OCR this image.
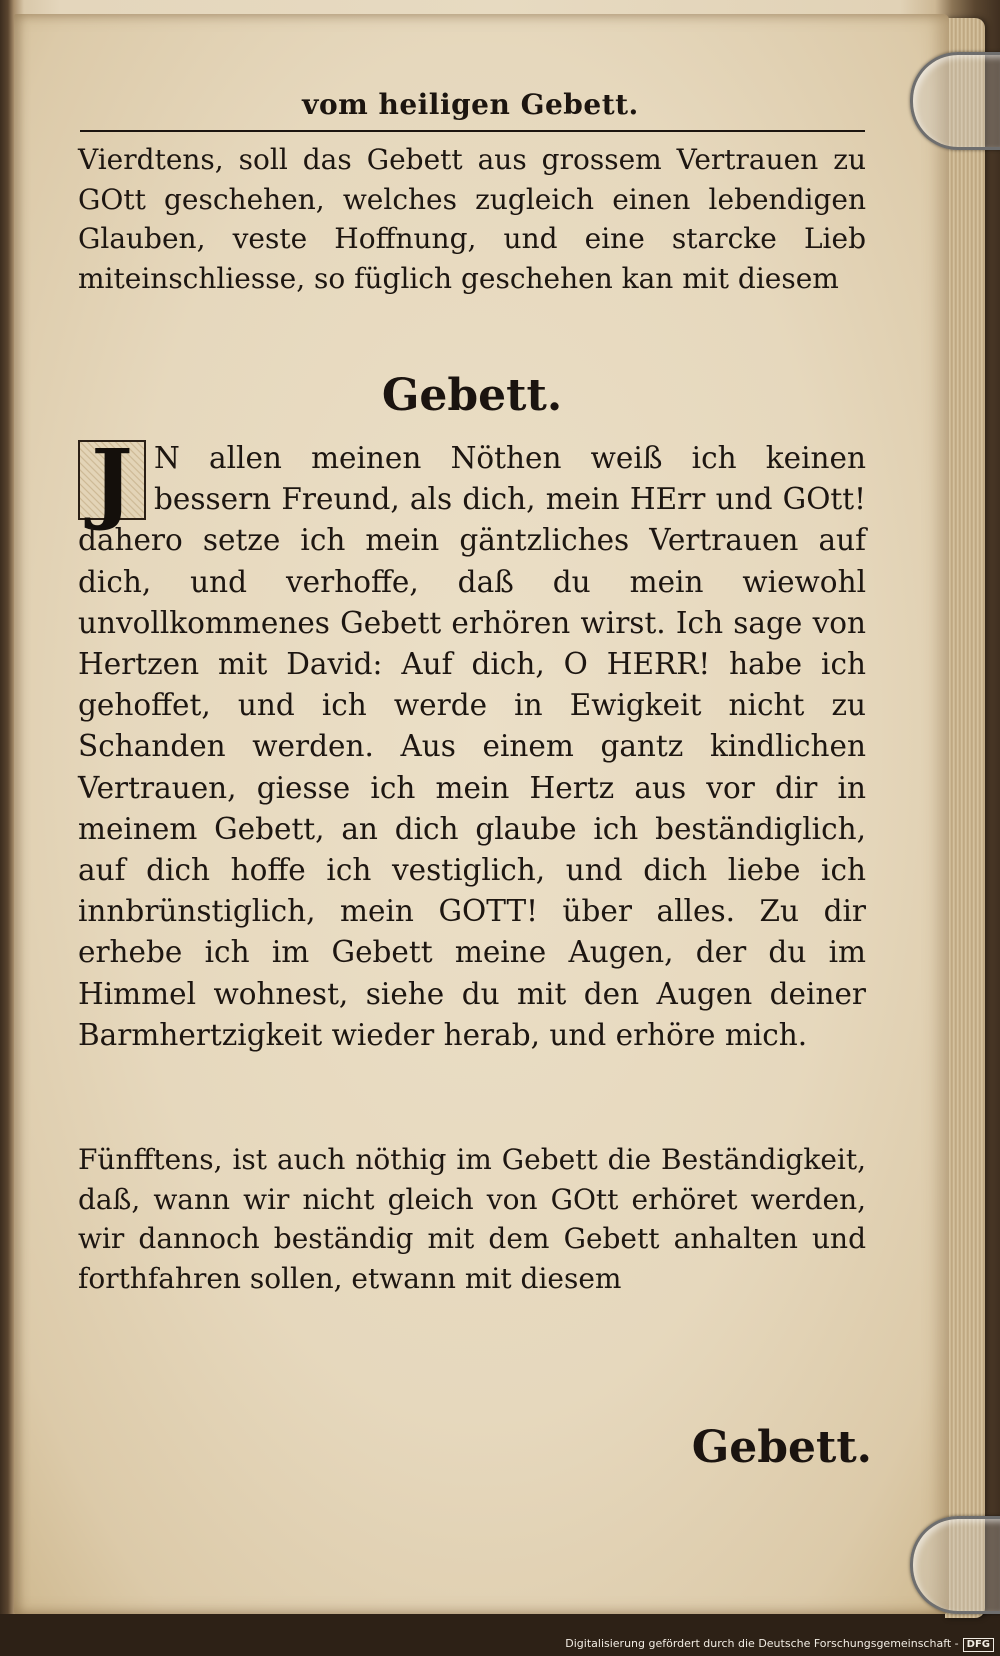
vom heiligen Gebett.

Vierdtens, soll das Gebett aus grossem Vertrauen zu GOtt geschehen, welches zugleich einen lebendigen Glauben, veste Hoffnung, und eine starcke Lieb miteinschliesse, so füglich geschehen kan mit diesem

Gebett.

J N allen meinen Nöthen weiß ich keinen bessern Freund, als dich, mein HErr und GOtt! dahero setze ich mein gäntzliches Vertrauen auf dich, und verhoffe, daß du mein wiewohl unvollkommenes Gebett erhören wirst. Ich sage von Hertzen mit David: Auf dich, O HERR! habe ich gehoffet, und ich werde in Ewigkeit nicht zu Schanden werden. Aus einem gantz kindlichen Vertrauen, giesse ich mein Hertz aus vor dir in meinem Gebett, an dich glaube ich beständiglich, auf dich hoffe ich vestiglich, und dich liebe ich innbrünstiglich, mein GOTT! über alles. Zu dir erhebe ich im Gebett meine Augen, der du im Himmel wohnest, siehe du mit den Augen deiner Barmhertzigkeit wieder herab, und erhöre mich.

Fünfftens, ist auch nöthig im Gebett die Beständigkeit, daß, wann wir nicht gleich von GOtt erhöret werden, wir dannoch beständig mit dem Gebett anhalten und forthfahren sollen, etwann mit diesem

Gebett.
Digitalisierung gefördert durch die Deutsche Forschungsgemeinschaft - DFG
